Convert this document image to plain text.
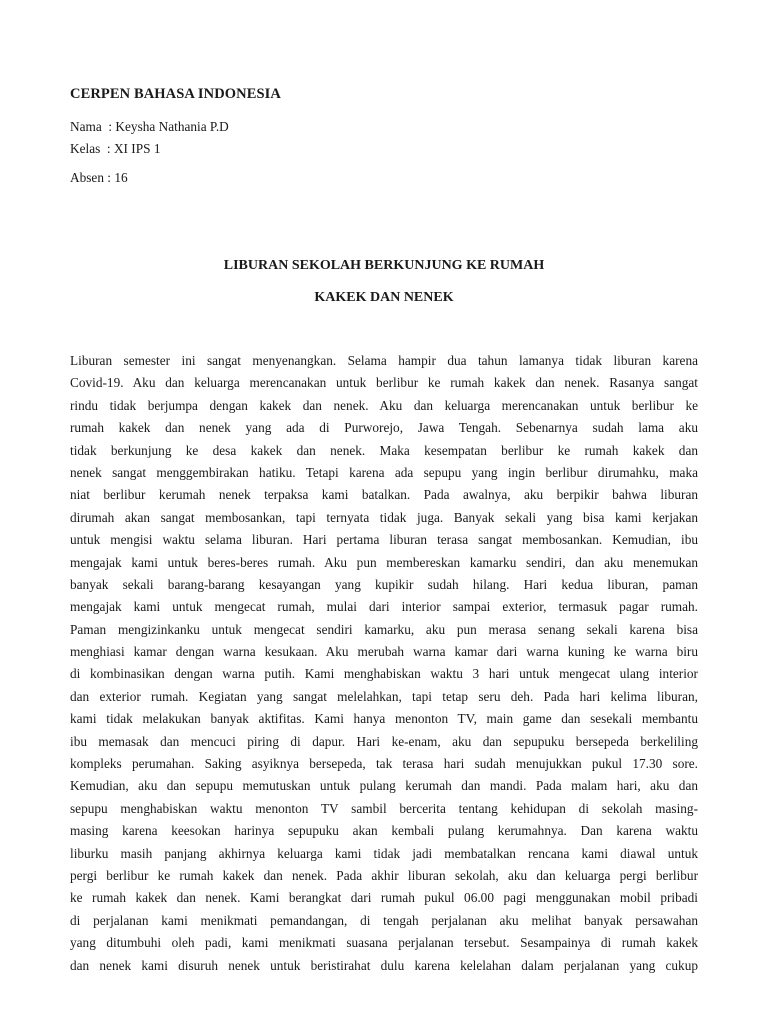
CERPEN BAHASA INDONESIA

Nama  : Keysha Nathania P.D

Kelas  : XI IPS 1

Absen : 16

LIBURAN SEKOLAH BERKUNJUNG KE RUMAH
KAKEK DAN NENEK
Liburan semester ini sangat menyenangkan. Selama hampir dua tahun lamanya tidak liburan karena
Covid-19. Aku dan keluarga merencanakan untuk berlibur ke rumah kakek dan nenek. Rasanya sangat
rindu tidak berjumpa dengan kakek dan nenek. Aku dan keluarga merencanakan untuk berlibur ke
rumah kakek dan nenek yang ada di Purworejo, Jawa Tengah. Sebenarnya sudah lama aku
tidak berkunjung ke desa kakek dan nenek. Maka kesempatan berlibur ke rumah kakek dan
nenek sangat menggembirakan hatiku. Tetapi karena ada sepupu yang ingin berlibur dirumahku, maka
niat berlibur kerumah nenek terpaksa kami batalkan. Pada awalnya, aku berpikir bahwa liburan
dirumah akan sangat membosankan, tapi ternyata tidak juga. Banyak sekali yang bisa kami kerjakan
untuk mengisi waktu selama liburan. Hari pertama liburan terasa sangat membosankan. Kemudian, ibu
mengajak kami untuk beres-beres rumah. Aku pun membereskan kamarku sendiri, dan aku menemukan
banyak sekali barang-barang kesayangan yang kupikir sudah hilang. Hari kedua liburan, paman
mengajak kami untuk mengecat rumah, mulai dari interior sampai exterior, termasuk pagar rumah.
Paman mengizinkanku untuk mengecat sendiri kamarku, aku pun merasa senang sekali karena bisa
menghiasi kamar dengan warna kesukaan. Aku merubah warna kamar dari warna kuning ke warna biru
di kombinasikan dengan warna putih. Kami menghabiskan waktu 3 hari untuk mengecat ulang interior
dan exterior rumah. Kegiatan yang sangat melelahkan, tapi tetap seru deh. Pada hari kelima liburan,
kami tidak melakukan banyak aktifitas. Kami hanya menonton TV, main game dan sesekali membantu
ibu memasak dan mencuci piring di dapur. Hari ke-enam, aku dan sepupuku bersepeda berkeliling
kompleks perumahan. Saking asyiknya bersepeda, tak terasa hari sudah menujukkan pukul 17.30 sore.
Kemudian, aku dan sepupu memutuskan untuk pulang kerumah dan mandi. Pada malam hari, aku dan
sepupu menghabiskan waktu menonton TV sambil bercerita tentang kehidupan di sekolah masing-
masing karena keesokan harinya sepupuku akan kembali pulang kerumahnya. Dan karena waktu
liburku masih panjang akhirnya keluarga kami tidak jadi membatalkan rencana kami diawal untuk
pergi berlibur ke rumah kakek dan nenek. Pada akhir liburan sekolah, aku dan keluarga pergi berlibur
ke rumah kakek dan nenek. Kami berangkat dari rumah pukul 06.00 pagi menggunakan mobil pribadi
di perjalanan kami menikmati pemandangan, di tengah perjalanan aku melihat banyak persawahan
yang ditumbuhi oleh padi, kami menikmati suasana perjalanan tersebut. Sesampainya di rumah kakek
dan nenek kami disuruh nenek untuk beristirahat dulu karena kelelahan dalam perjalanan yang cukup
